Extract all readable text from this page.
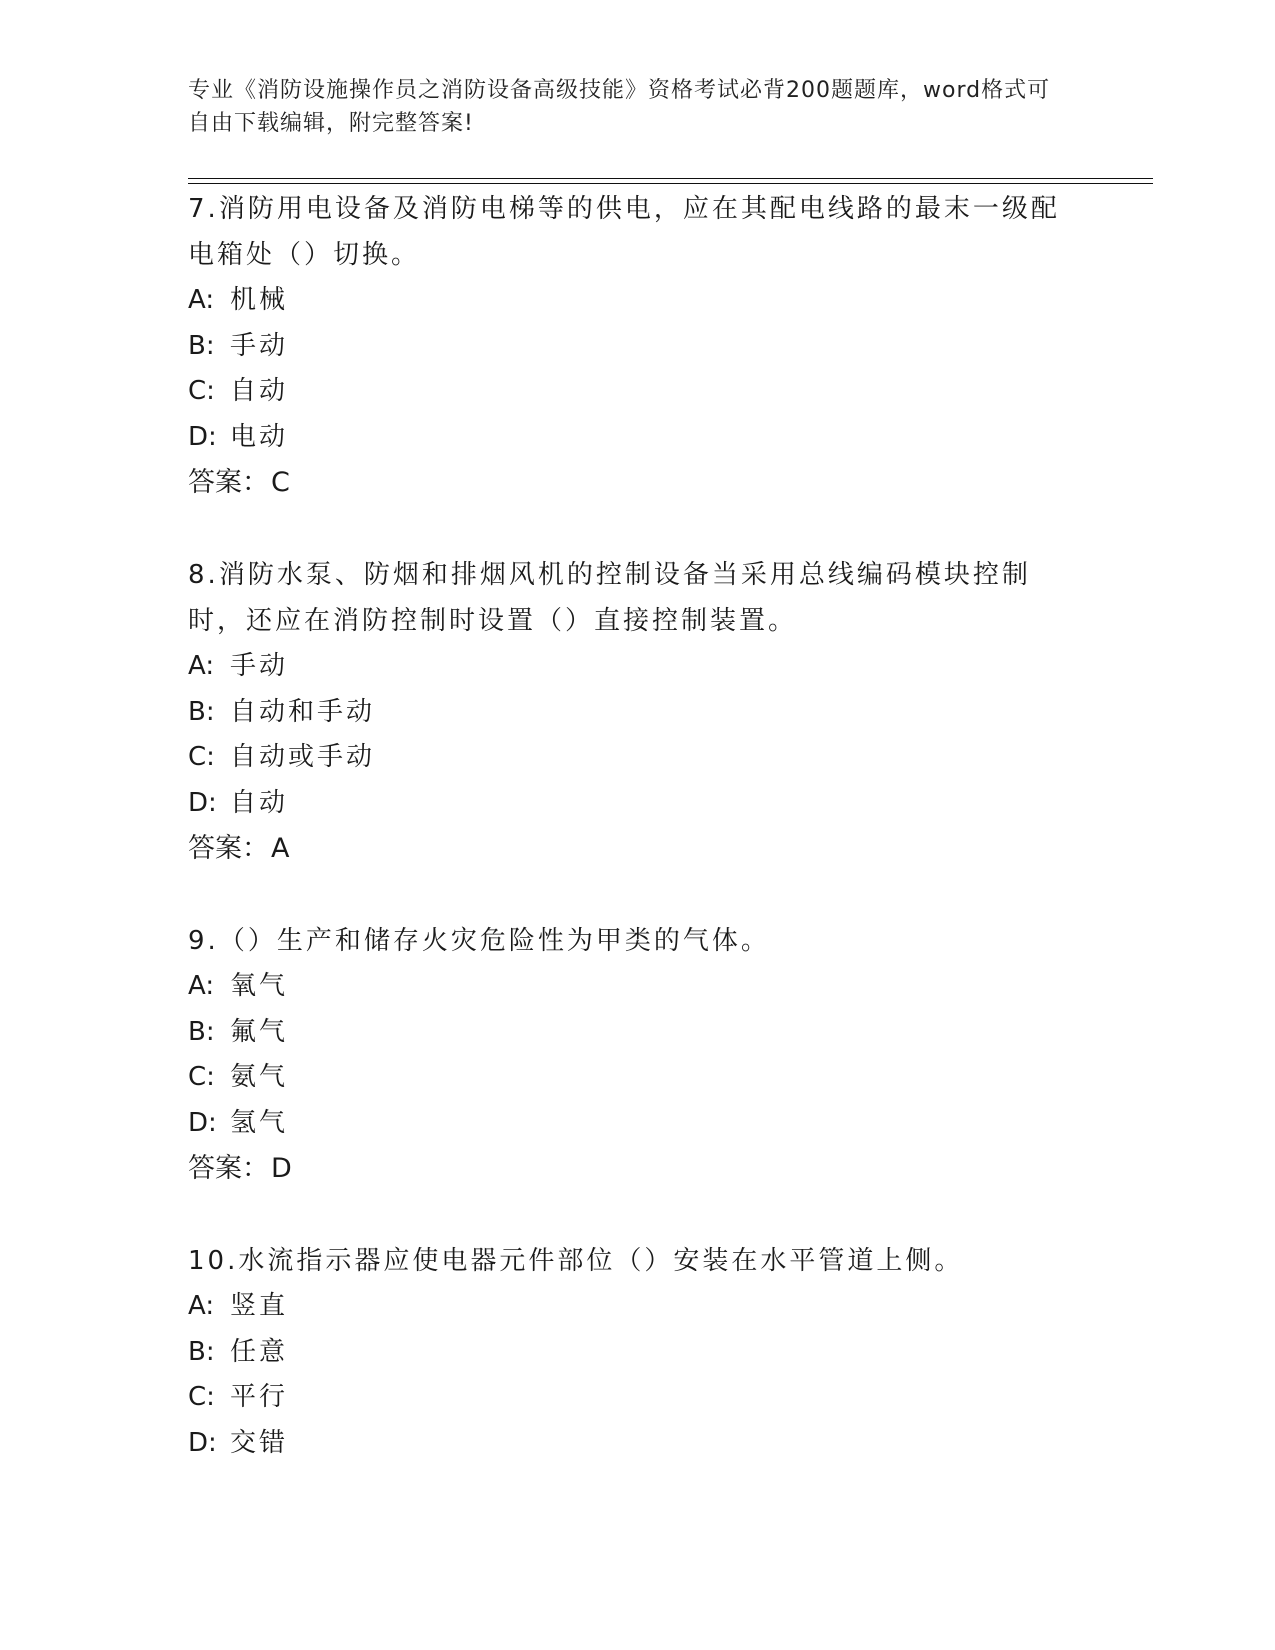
专业《消防设施操作员之消防设备高级技能》资格考试必背200题题库，word格式可自由下载编辑，附完整答案!

7.消防用电设备及消防电梯等的供电，应在其配电线路的最末一级配电箱处（）切换。

A: 机械
B: 手动
C: 自动
D: 电动
答案：C

8.消防水泵、防烟和排烟风机的控制设备当采用总线编码模块控制时，还应在消防控制时设置（）直接控制装置。

A: 手动
B: 自动和手动
C: 自动或手动
D: 自动
答案：A

9.（）生产和储存火灾危险性为甲类的气体。

A: 氧气
B: 氟气
C: 氨气
D: 氢气
答案：D

10.水流指示器应使电器元件部位（）安装在水平管道上侧。

A: 竖直
B: 任意
C: 平行
D: 交错
